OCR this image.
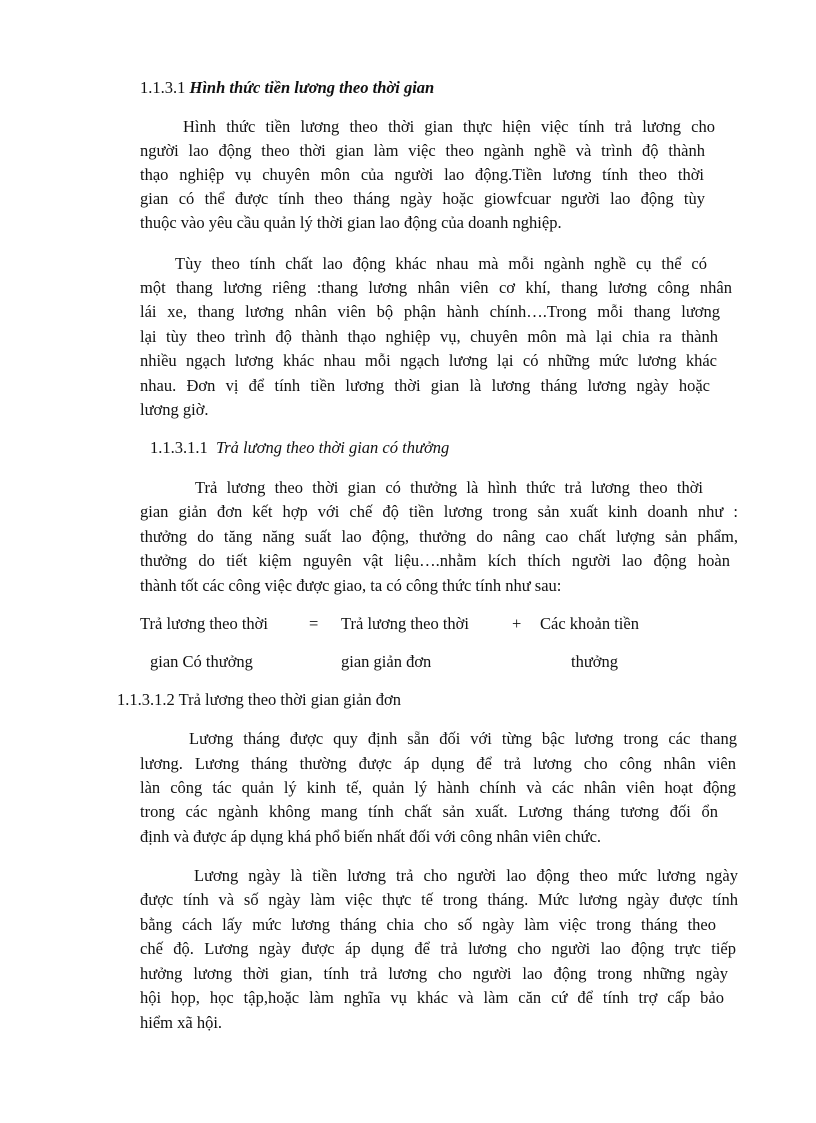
1.1.3.1 Hình thức tiền lương theo thời gian
Hình thức tiền lương theo thời gian thực hiện việc tính trả lương cho
người lao động theo thời gian làm việc theo ngành nghề và trình độ thành
thạo nghiệp vụ chuyên môn của người lao động.Tiền lương tính theo thời
gian có thể được tính theo tháng ngày hoặc giowfcuar người lao động tùy
thuộc vào yêu cầu quản lý thời gian lao động của doanh nghiệp.
Tùy theo tính chất lao động khác nhau mà mỗi ngành nghề cụ thể có
một thang lương riêng :thang lương nhân viên cơ khí, thang lương công nhân
lái xe, thang lương nhân viên bộ phận hành chính….Trong mỗi thang lương
lại tùy theo trình độ thành thạo nghiệp vụ, chuyên môn mà lại chia ra thành
nhiều ngạch lương khác nhau mỗi ngạch lương lại có những mức lương khác
nhau. Đơn vị để tính tiền lương thời gian là lương tháng lương ngày hoặc
lương giờ.
1.1.3.1.1 Trả lương theo thời gian có thưởng
Trả lương theo thời gian có thưởng là hình thức trả lương theo thời
gian giản đơn kết hợp với chế độ tiền lương trong sản xuất kinh doanh như :
thưởng do tăng năng suất lao động, thưởng do nâng cao chất lượng sản phẩm,
thưởng do tiết kiệm nguyên vật liệu….nhằm kích thích người lao động hoàn
thành tốt các công việc được giao, ta có công thức tính như sau:
Trả lương theo thời = Trả lương theo thời	+ Các khoản tiền
gian Có thưởng	gian giản đơn	thưởng
1.1.3.1.2 Trả lương theo thời gian giản đơn
Lương tháng được quy định sẵn đối với từng bậc lương trong các thang
lương. Lương tháng thường được áp dụng để trả lương cho công nhân viên
làn công tác quản lý kinh tế, quản lý hành chính và các nhân viên hoạt động
trong các ngành không mang tính chất sản xuất. Lương tháng tương đối ổn
định và được áp dụng khá phổ biến nhất đối với công nhân viên chức.
Lương ngày là tiền lương trả cho người lao động theo mức lương ngày
được tính và số ngày làm việc thực tế trong tháng. Mức lương ngày được tính
bằng cách lấy mức lương tháng chia cho số ngày làm việc trong tháng theo
chế độ. Lương ngày được áp dụng để trả lương cho người lao động trực tiếp
hưởng lương thời gian, tính trả lương cho người lao động trong những ngày
hội họp, học tập,hoặc làm nghĩa vụ khác và làm căn cứ để tính trợ cấp bảo
hiểm xã hội.
